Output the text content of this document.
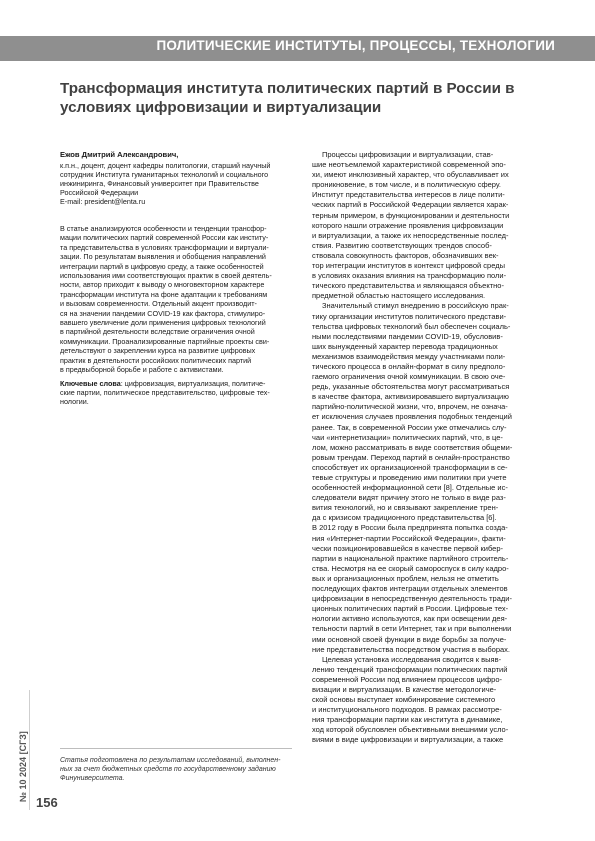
ПОЛИТИЧЕСКИЕ ИНСТИТУТЫ, ПРОЦЕССЫ, ТЕХНОЛОГИИ
Трансформация института политических партий в России в условиях цифровизации и виртуализации
Ежов Дмитрий Александрович,
к.п.н., доцент, доцент кафедры политологии, старший научный
сотрудник Института гуманитарных технологий и социального
инжиниринга, Финансовый университет при Правительстве
Российской Федерации
E-mail: president@lenta.ru
В статье анализируются особенности и тенденции трансфор-
мации политических партий современной России как институ-
та представительства в условиях трансформации и виртуали-
зации. По результатам выявления и обобщения направлений
интеграции партий в цифровую среду, а также особенностей
использования ими соответствующих практик в своей деятель-
ности, автор приходит к выводу о многовекторном характере
трансформации института на фоне адаптации к требованиям
и вызовам современности. Отдельный акцент производит-
ся на значении пандемии COVID-19 как фактора, стимулиро-
вавшего увеличение доли применения цифровых технологий
в партийной деятельности вследствие ограничения очной
коммуникации. Проанализированные партийные проекты сви-
детельствуют о закреплении курса на развитие цифровых
практик в деятельности российских политических партий
в предвыборной борьбе и работе с активистами.
Ключевые слова: цифровизация, виртуализация, политиче-
ские партии, политическое представительство, цифровые тех-
нологии.
Процессы цифровизации и виртуализации, став-
шие неотъемлемой характеристикой современной эпо-
хи, имеют инклюзивный характер, что обуславливает их
проникновение, в том числе, и в политическую сферу.
Институт представительства интересов в лице полити-
ческих партий в Российской Федерации является харак-
терным примером, в функционировании и деятельности
которого нашли отражение проявления цифровизации
и виртуализации, а также их непосредственные послед-
ствия. Развитию соответствующих трендов способ-
ствовала совокупность факторов, обозначивших век-
тор интеграции институтов в контекст цифровой среды
в условиях оказания влияния на трансформацию поли-
тического представительства и являющаяся объектно-
предметной областью настоящего исследования.
Значительный стимул внедрению в российскую прак-
тику организации институтов политического представи-
тельства цифровых технологий был обеспечен социаль-
ными последствиями пандемии COVID-19, обусловив-
ших вынужденный характер перевода традиционных
механизмов взаимодействия между участниками поли-
тического процесса в онлайн-формат в силу предполо-
гаемого ограничения очной коммуникации. В свою оче-
редь, указанные обстоятельства могут рассматриваться
в качестве фактора, активизировавшего виртуализацию
партийно-политической жизни, что, впрочем, не означа-
ет исключения случаев проявления подобных тенденций
ранее. Так, в современной России уже отмечались слу-
чаи «интернетизации» политических партий, что, в це-
лом, можно рассматривать в виде соответствия общеми-
ровым трендам. Переход партий в онлайн-пространство
способствует их организационной трансформации в се-
тевые структуры и проведению ими политики при учете
особенностей информационной сети [8]. Отдельные ис-
следователи видят причину этого не только в виде раз-
вития технологий, но и связывают закрепление трен-
да с кризисом традиционного представительства [6].
В 2012 году в России была предпринята попытка созда-
ния «Интернет-партии Российской Федерации», факти-
чески позиционировавшейся в качестве первой кибер-
партии в национальной практике партийного строитель-
ства. Несмотря на ее скорый самороспуск в силу кадро-
вых и организационных проблем, нельзя не отметить
последующих фактов интеграции отдельных элементов
цифровизации в непосредственную деятельность тради-
ционных политических партий в России. Цифровые тех-
нологии активно используются, как при освещении дея-
тельности партий в сети Интернет, так и при выполнении
ими основной своей функции в виде борьбы за получе-
ние представительства посредством участия в выборах.
Целевая установка исследования сводится к выяв-
лению тенденций трансформации политических партий
современной России под влиянием процессов цифро-
визации и виртуализации. В качестве методологиче-
ской основы выступает комбинирование системного
и институционального подходов. В рамках рассмотре-
ния трансформации партии как института в динамике,
ход которой обусловлен объективными внешними усло-
виями в виде цифровизации и виртуализации, а также
Статья подготовлена по результатам исследований, выполнен-
ных за счет бюджетных средств по государственному заданию
Финуниверситета.
№ 10 2024 [СГЗ]
156
